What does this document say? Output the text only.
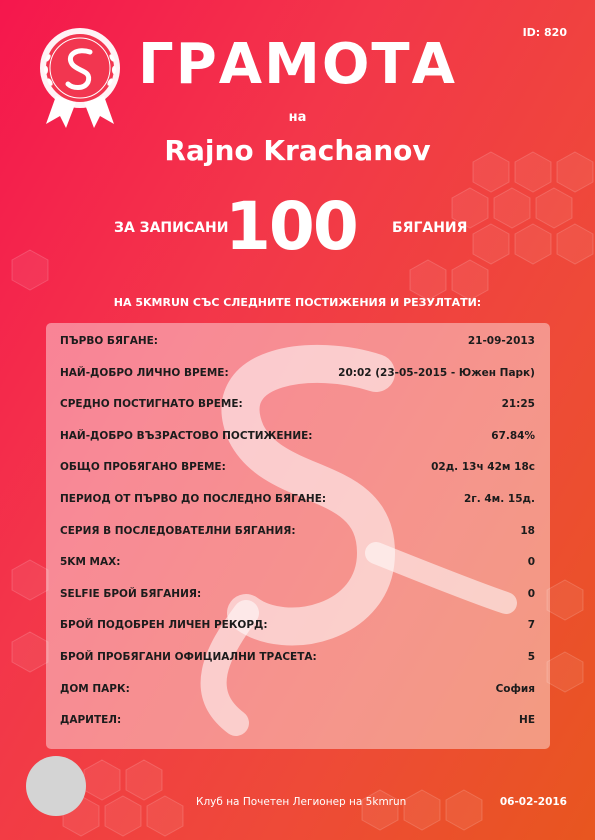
ID: 820
ГРАМОТА
на
Rajno Krachanov
ЗА ЗАПИСАНИ
100	БЯГАНИЯ
НА 5KMRUN СЪС СЛЕДНИТЕ ПОСТИЖЕНИЯ И РЕЗУЛТАТИ:
ПЪРВО БЯГАНЕ:	21-09-2013
НАЙ-ДОБРО ЛИЧНО ВРЕМЕ:	20:02 (23-05-2015 - Южен Парк)
СРЕДНО ПОСТИГНАТО ВРЕМЕ:	21:25
НАЙ-ДОБРО ВЪЗРАСТОВО ПОСТИЖЕНИЕ:	67.84%
ОБЩО ПРОБЯГАНО ВРЕМЕ:	02д. 13ч 42м 18с
ПЕРИОД ОТ ПЪРВО ДО ПОСЛЕДНО БЯГАНЕ:	2г. 4м. 15д.
СЕРИЯ В ПОСЛЕДОВАТЕЛНИ БЯГАНИЯ:	18
5KM MAX:	0
SELFIE БРОЙ БЯГАНИЯ:	0
БРОЙ ПОДОБРЕН ЛИЧЕН РЕКОРД:	7
БРОЙ ПРОБЯГАНИ ОФИЦИАЛНИ ТРАСЕТА:	5
ДОМ ПАРК:	София
ДАРИТЕЛ:	НЕ
Клуб на Почетен Легионер на 5kmrun	06-02-2016
